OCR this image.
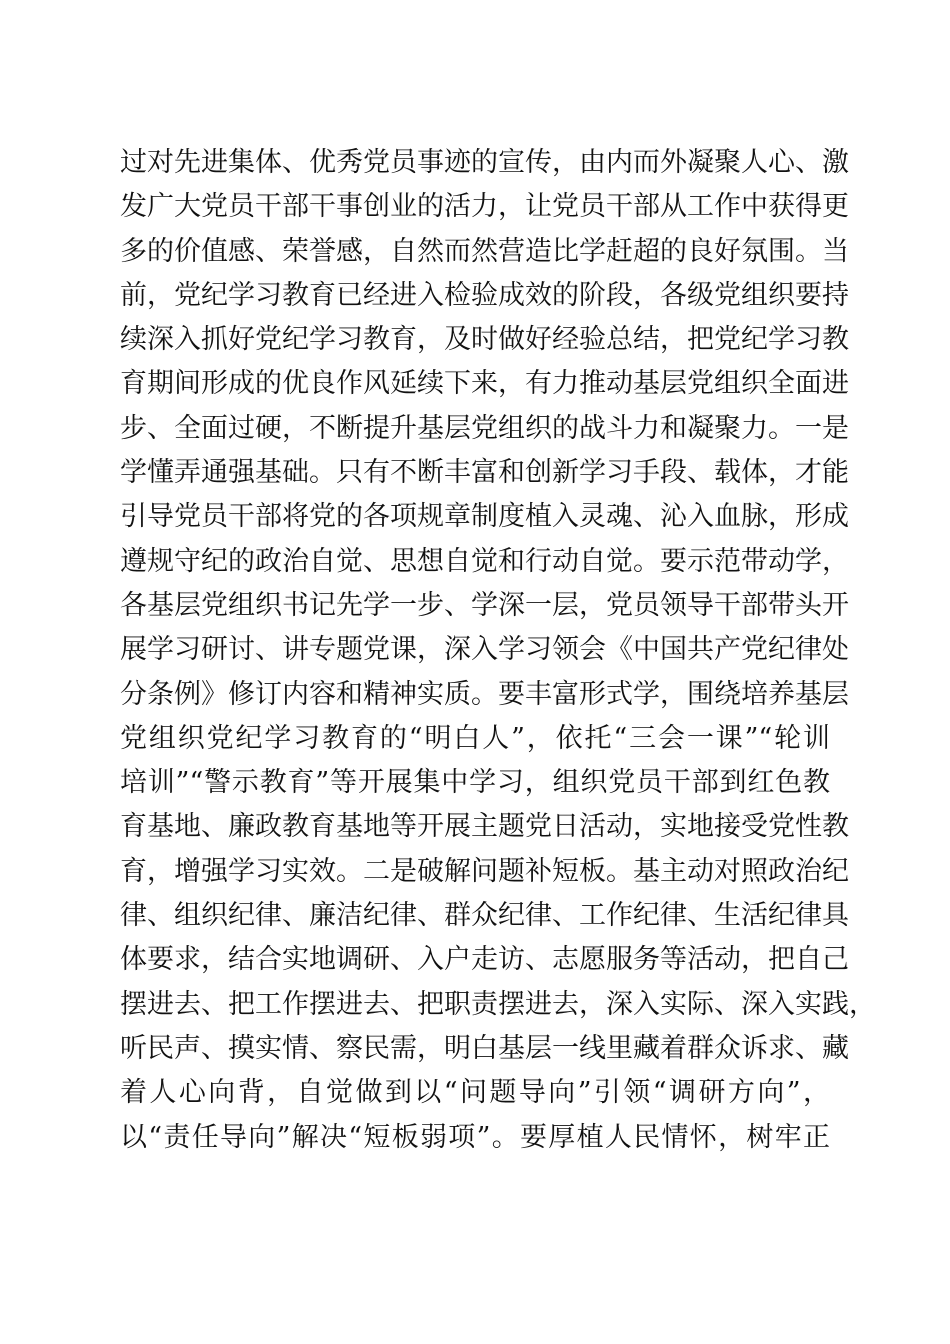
过对先进集体、优秀党员事迹的宣传，由内而外凝聚人心、激
发广大党员干部干事创业的活力，让党员干部从工作中获得更
多的价值感、荣誉感，自然而然营造比学赶超的良好氛围。当
前，党纪学习教育已经进入检验成效的阶段，各级党组织要持
续深入抓好党纪学习教育，及时做好经验总结，把党纪学习教
育期间形成的优良作风延续下来，有力推动基层党组织全面进
步、全面过硬，不断提升基层党组织的战斗力和凝聚力。一是
学懂弄通强基础。只有不断丰富和创新学习手段、载体，才能
引导党员干部将党的各项规章制度植入灵魂、沁入血脉，形成
遵规守纪的政治自觉、思想自觉和行动自觉。要示范带动学，
各基层党组织书记先学一步、学深一层，党员领导干部带头开
展学习研讨、讲专题党课，深入学习领会《中国共产党纪律处
分条例》修订内容和精神实质。要丰富形式学，围绕培养基层
党组织党纪学习教育的“明白人”，依托“三会一课”“轮训
培训”“警示教育”等开展集中学习，组织党员干部到红色教
育基地、廉政教育基地等开展主题党日活动，实地接受党性教
育，增强学习实效。二是破解问题补短板。基主动对照政治纪
律、组织纪律、廉洁纪律、群众纪律、工作纪律、生活纪律具
体要求，结合实地调研、入户走访、志愿服务等活动，把自己
摆进去、把工作摆进去、把职责摆进去，深入实际、深入实践，
听民声、摸实情、察民需，明白基层一线里藏着群众诉求、藏
着人心向背，自觉做到以“问题导向”引领“调研方向”，
以“责任导向”解决“短板弱项”。要厚植人民情怀，树牢正
